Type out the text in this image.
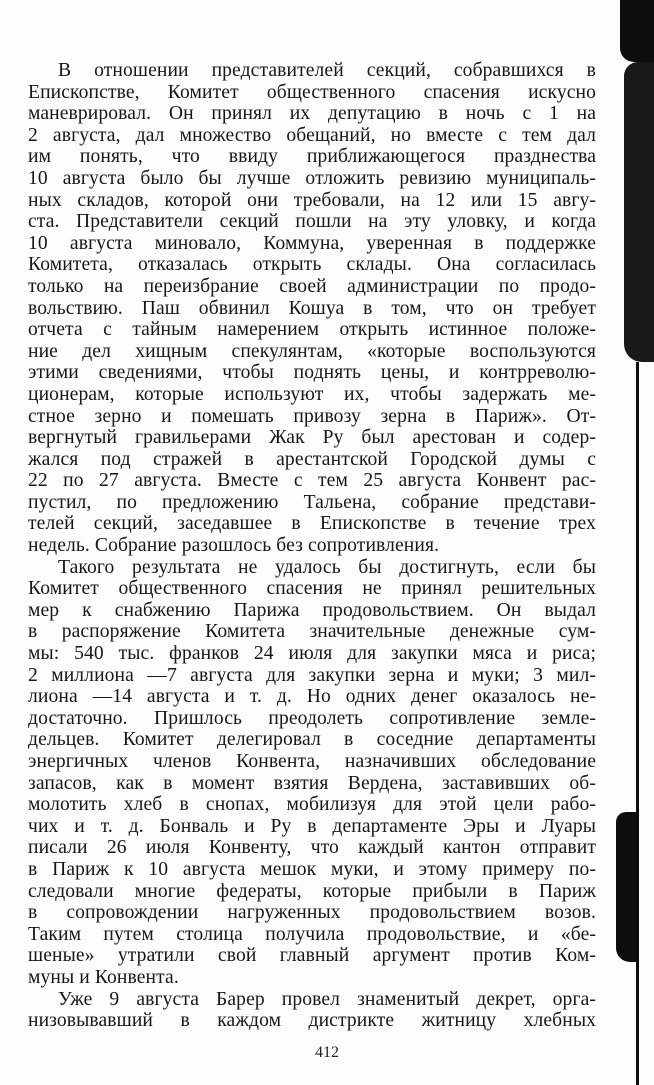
В отношении представителей секций, собравшихся в
Епископстве, Комитет общественного спасения искусно
маневрировал. Он принял их депутацию в ночь с 1 на
2 августа, дал множество обещаний, но вместе с тем дал
им понять, что ввиду приближающегося празднества
10 августа было бы лучше отложить ревизию муниципаль-
ных складов, которой они требовали, на 12 или 15 авгу-
ста. Представители секций пошли на эту уловку, и когда
10 августа миновало, Коммуна, уверенная в поддержке
Комитета, отказалась открыть склады. Она согласилась
только на переизбрание своей администрации по продо-
вольствию. Паш обвинил Кошуа в том, что он требует
отчета с тайным намерением открыть истинное положе-
ние дел хищным спекулянтам, «которые воспользуются
этими сведениями, чтобы поднять цены, и контрреволю-
ционерам, которые используют их, чтобы задержать ме-
стное зерно и помешать привозу зерна в Париж». От-
вергнутый гравильерами Жак Ру был арестован и содер-
жался под стражей в арестантской Городской думы с
22 по 27 августа. Вместе с тем 25 августа Конвент рас-
пустил, по предложению Тальена, собрание представи-
телей секций, заседавшее в Епископстве в течение трех
недель. Собрание разошлось без сопротивления.
Такого результата не удалось бы достигнуть, если бы
Комитет общественного спасения не принял решительных
мер к снабжению Парижа продовольствием. Он выдал
в распоряжение Комитета значительные денежные сум-
мы: 540 тыс. франков 24 июля для закупки мяса и риса;
2 миллиона —7 августа для закупки зерна и муки; 3 мил-
лиона —14 августа и т. д. Но одних денег оказалось не-
достаточно. Пришлось преодолеть сопротивление земле-
дельцев. Комитет делегировал в соседние департаменты
энергичных членов Конвента, назначивших обследование
запасов, как в момент взятия Вердена, заставивших об-
молотить хлеб в снопах, мобилизуя для этой цели рабо-
чих и т. д. Бонваль и Ру в департаменте Эры и Луары
писали 26 июля Конвенту, что каждый кантон отправит
в Париж к 10 августа мешок муки, и этому примеру по-
следовали многие федераты, которые прибыли в Париж
в сопровождении нагруженных продовольствием возов.
Таким путем столица получила продовольствие, и «бе-
шеные» утратили свой главный аргумент против Ком-
муны и Конвента.
Уже 9 августа Барер провел знаменитый декрет, орга-
низовывавший в каждом дистрикте житницу хлебных
412
